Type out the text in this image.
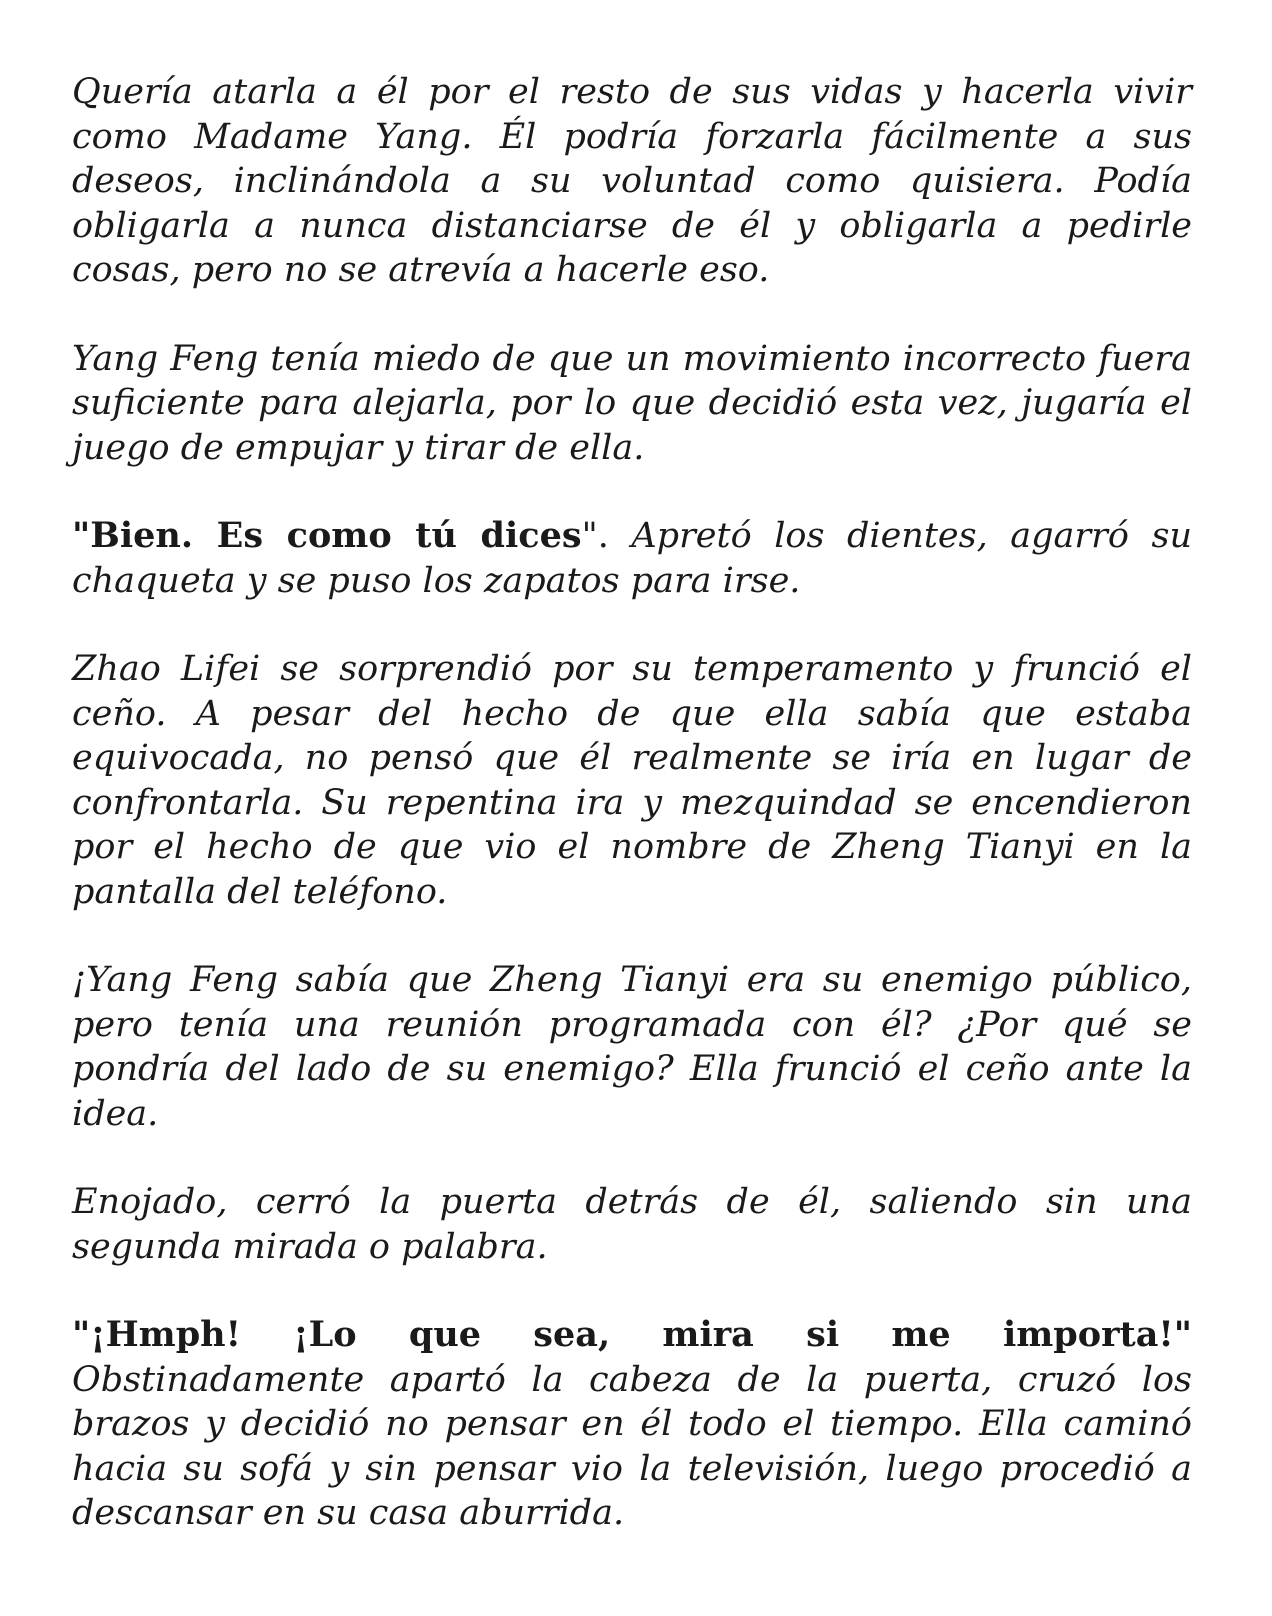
Quería atarla a él por el resto de sus vidas y hacerla vivir como Madame Yang. Él podría forzarla fácilmente a sus deseos, inclinándola a su voluntad como quisiera. Podía obligarla a nunca distanciarse de él y obligarla a pedirle cosas, pero no se atrevía a hacerle eso.

Yang Feng tenía miedo de que un movimiento incorrecto fuera suficiente para alejarla, por lo que decidió esta vez, jugaría el juego de empujar y tirar de ella.

"Bien. Es como tú dices". Apretó los dientes, agarró su chaqueta y se puso los zapatos para irse.

Zhao Lifei se sorprendió por su temperamento y frunció el ceño. A pesar del hecho de que ella sabía que estaba equivocada, no pensó que él realmente se iría en lugar de confrontarla. Su repentina ira y mezquindad se encendieron por el hecho de que vio el nombre de Zheng Tianyi en la pantalla del teléfono.

¡Yang Feng sabía que Zheng Tianyi era su enemigo público, pero tenía una reunión programada con él? ¿Por qué se pondría del lado de su enemigo? Ella frunció el ceño ante la idea.

Enojado, cerró la puerta detrás de él, saliendo sin una segunda mirada o palabra.

"¡Hmph! ¡Lo que sea, mira si me importa!"
Obstinadamente apartó la cabeza de la puerta, cruzó los brazos y decidió no pensar en él todo el tiempo. Ella caminó hacia su sofá y sin pensar vio la televisión, luego procedió a descansar en su casa aburrida.
